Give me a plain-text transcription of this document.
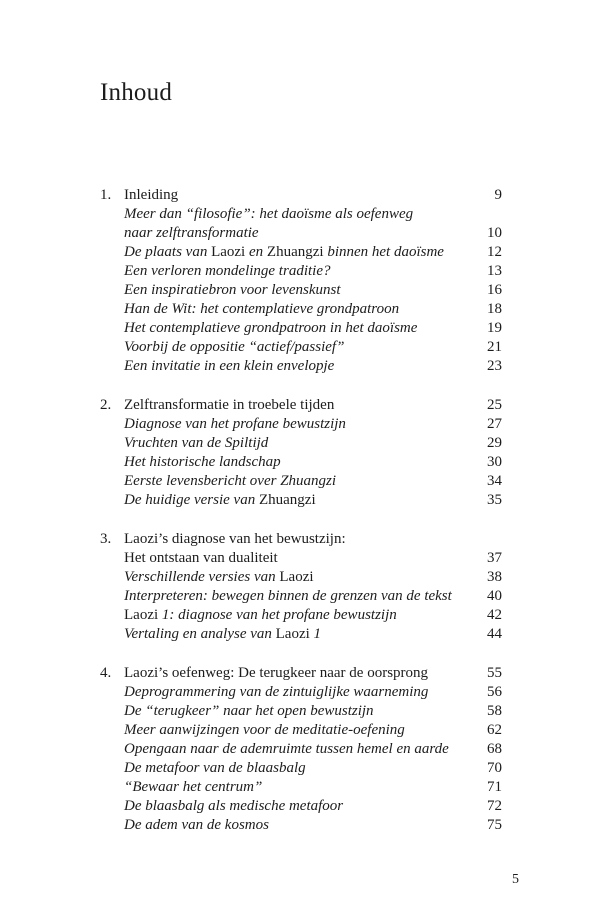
Inhoud
1. Inleiding	9
Meer dan “filosofie”: het daoïsme als oefenweg
naar zelftransformatie	10
De plaats van Laozi en Zhuangzi binnen het daoïsme	12
Een verloren mondelinge traditie?	13
Een inspiratiebron voor levenskunst	16
Han de Wit: het contemplatieve grondpatroon	18
Het contemplatieve grondpatroon in het daoïsme	19
Voorbij de oppositie “actief/passief”	21
Een invitatie in een klein envelopje	23
2. Zelftransformatie in troebele tijden	25
Diagnose van het profane bewustzijn	27
Vruchten van de Spiltijd	29
Het historische landschap	30
Eerste levensbericht over Zhuangzi	34
De huidige versie van Zhuangzi	35
3. Laozi’s diagnose van het bewustzijn:
Het ontstaan van dualiteit	37
Verschillende versies van Laozi	38
Interpreteren: bewegen binnen de grenzen van de tekst 40
Laozi 1: diagnose van het profane bewustzijn	42
Vertaling en analyse van Laozi 1	44
4. Laozi’s oefenweg: De terugkeer naar de oorsprong	55
Deprogrammering van de zintuiglijke waarneming	56
De “terugkeer” naar het open bewustzijn	58
Meer aanwijzingen voor de meditatie-oefening	62
Opengaan naar de ademruimte tussen hemel en aarde	68
De metafoor van de blaasbalg	70
“Bewaar het centrum”	71
De blaasbalg als medische metafoor	72
De adem van de kosmos	75
5
